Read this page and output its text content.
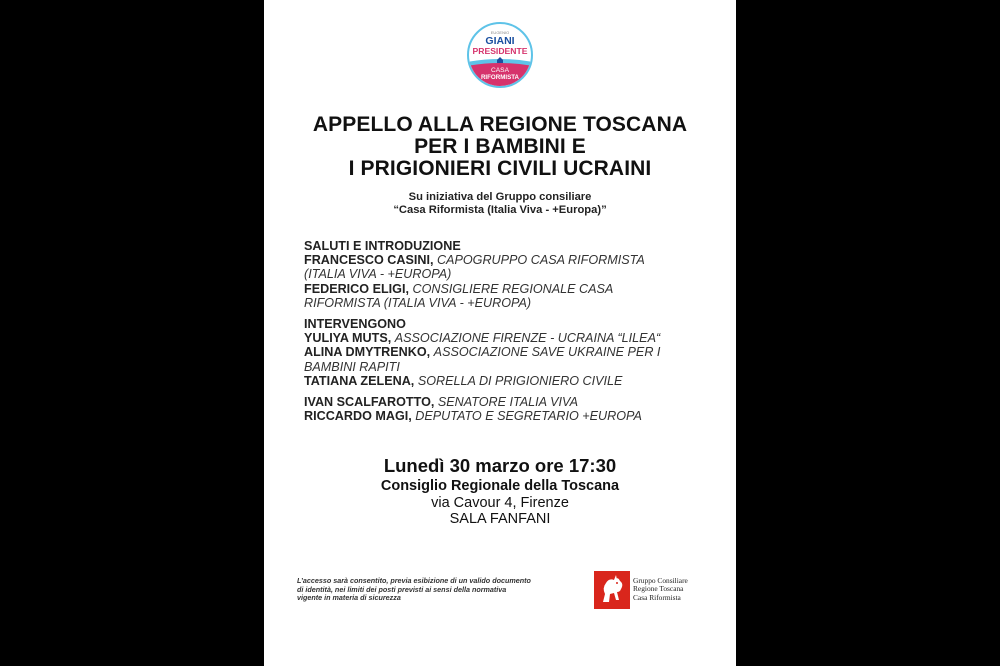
EUGENIO
GIANI
PRESIDENTE
CASA
RIFORMISTA
APPELLO ALLA REGIONE TOSCANA
PER I BAMBINI E
I PRIGIONIERI CIVILI UCRAINI
Su iniziativa del Gruppo consiliare
“Casa Riformista (Italia Viva - +Europa)”
SALUTI E INTRODUZIONE
FRANCESCO CASINI, CAPOGRUPPO CASA RIFORMISTA
(ITALIA VIVA - +EUROPA)
FEDERICO ELIGI, CONSIGLIERE REGIONALE CASA
RIFORMISTA (ITALIA VIVA - +EUROPA)
INTERVENGONO
YULIYA MUTS, ASSOCIAZIONE FIRENZE - UCRAINA “LILEA“
ALINA DMYTRENKO, ASSOCIAZIONE SAVE UKRAINE PER I
BAMBINI RAPITI
TATIANA ZELENA, SORELLA DI PRIGIONIERO CIVILE
IVAN SCALFAROTTO, SENATORE ITALIA VIVA
RICCARDO MAGI, DEPUTATO E SEGRETARIO +EUROPA
Lunedì 30 marzo ore 17:30
Consiglio Regionale della Toscana
via Cavour 4, Firenze
SALA FANFANI
L’accesso sarà consentito, previa esibizione di un valido documento
di identità, nei limiti dei posti previsti ai sensi della normativa
vigente in materia di sicurezza
Gruppo Consiliare
Regione Toscana
Casa Riformista
